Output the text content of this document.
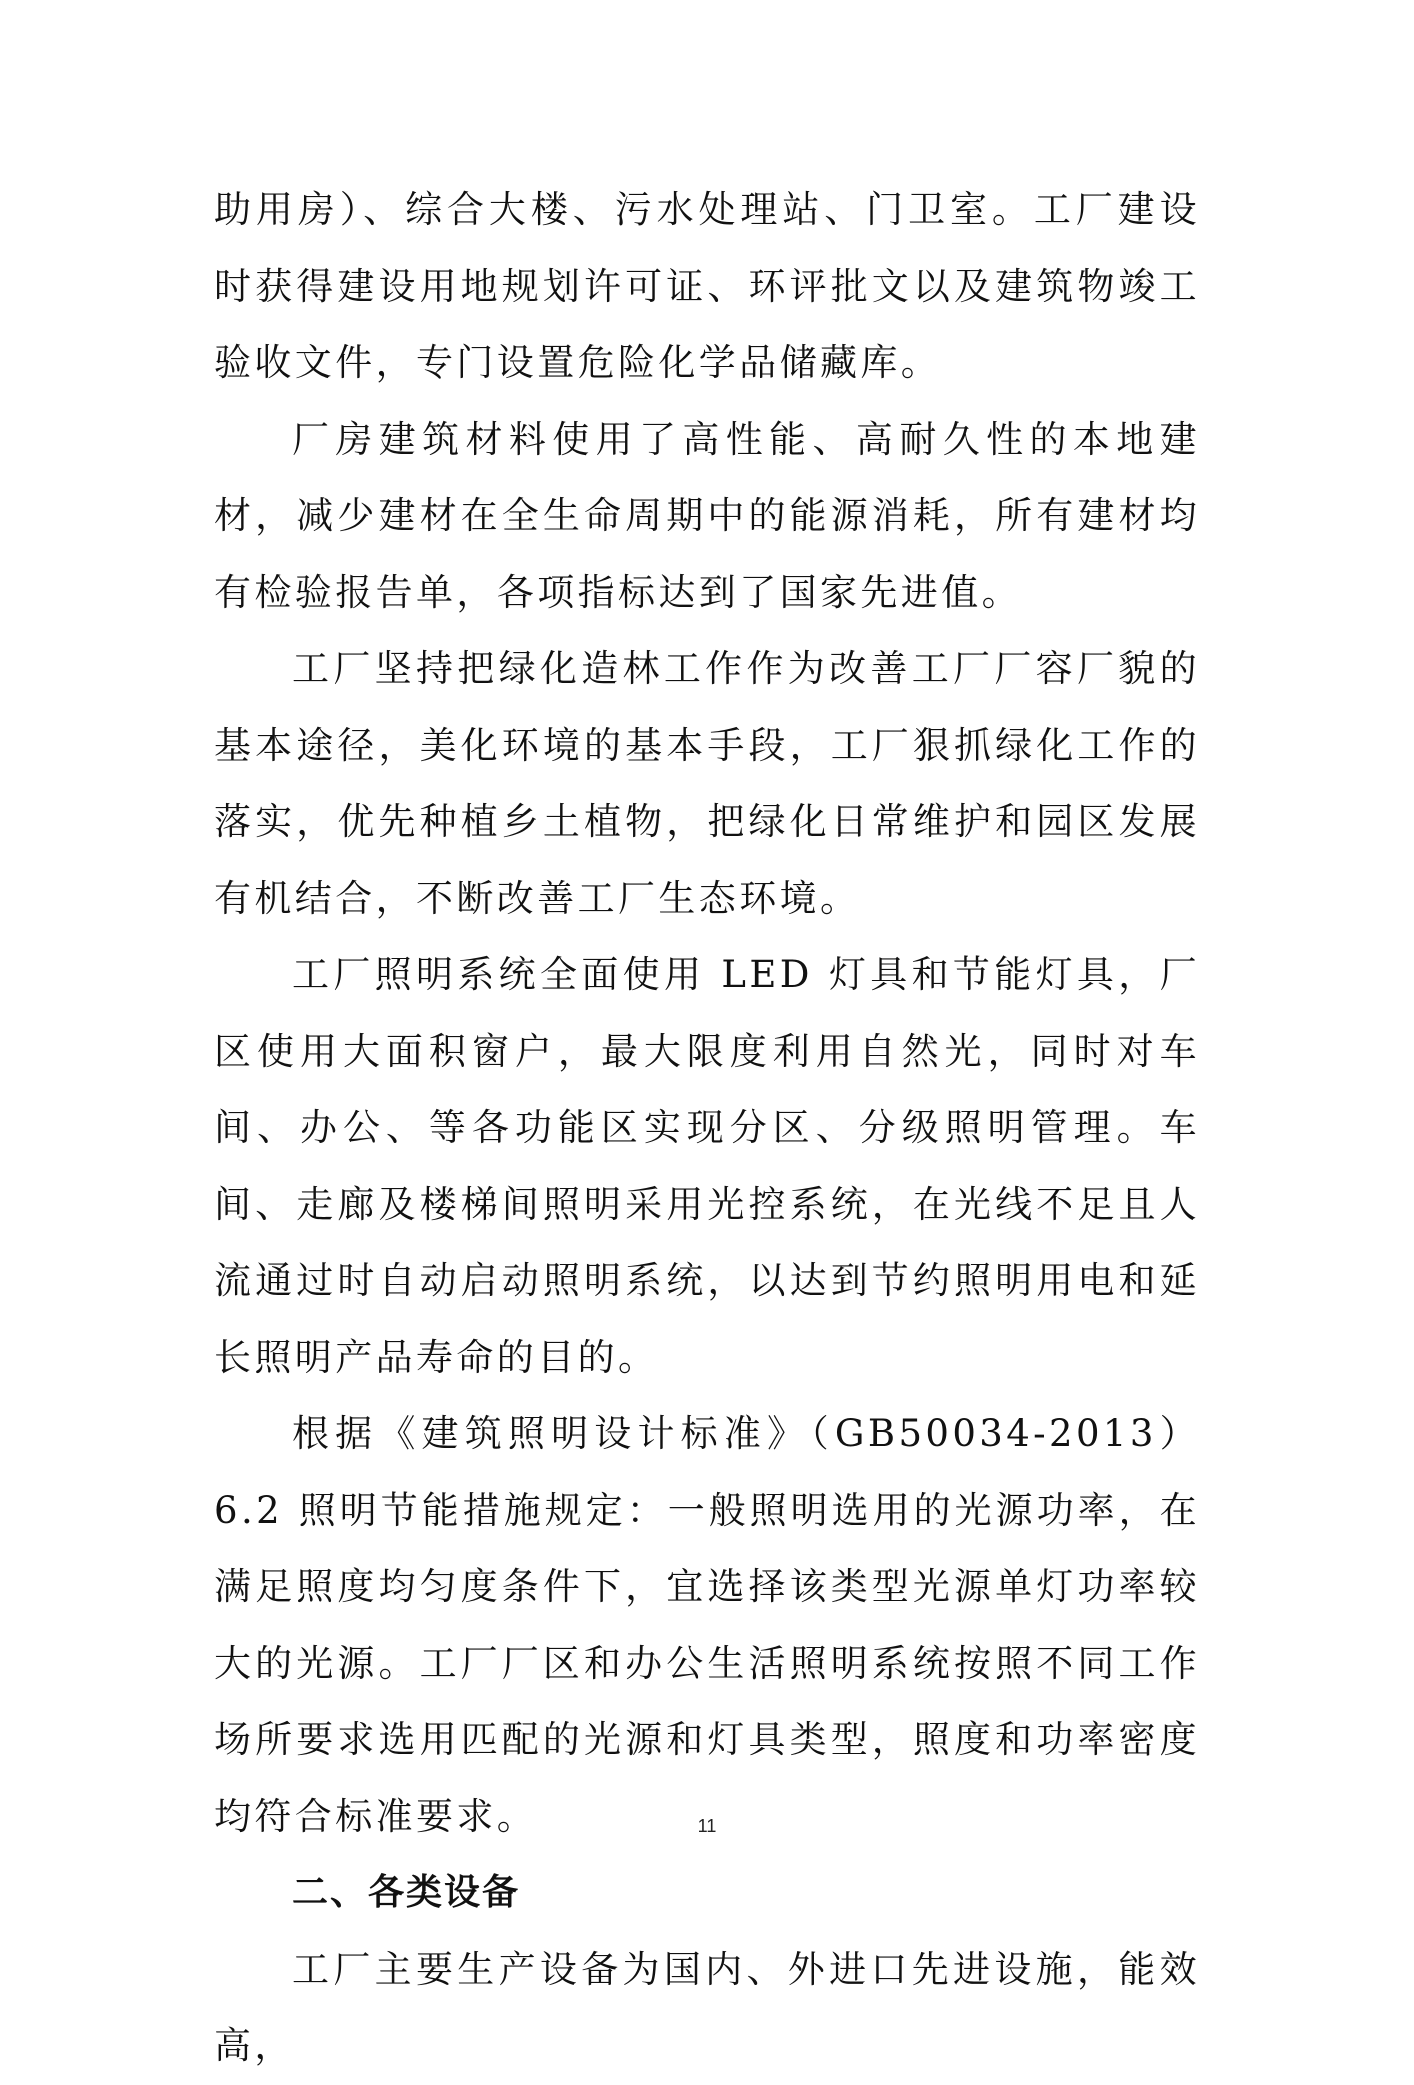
助用房）、综合大楼、污水处理站、门卫室。工厂建设时获得建设用地规划许可证、环评批文以及建筑物竣工验收文件，专门设置危险化学品储藏库。

厂房建筑材料使用了高性能、高耐久性的本地建材，减少建材在全生命周期中的能源消耗，所有建材均有检验报告单，各项指标达到了国家先进值。

工厂坚持把绿化造林工作作为改善工厂厂容厂貌的基本途径，美化环境的基本手段，工厂狠抓绿化工作的落实，优先种植乡土植物，把绿化日常维护和园区发展有机结合，不断改善工厂生态环境。

工厂照明系统全面使用 LED 灯具和节能灯具，厂区使用大面积窗户，最大限度利用自然光，同时对车间、办公、等各功能区实现分区、分级照明管理。车间、走廊及楼梯间照明采用光控系统，在光线不足且人流通过时自动启动照明系统，以达到节约照明用电和延长照明产品寿命的目的。

根据《建筑照明设计标准》（GB50034-2013）6.2 照明节能措施规定：一般照明选用的光源功率，在满足照度均匀度条件下，宜选择该类型光源单灯功率较大的光源。工厂厂区和办公生活照明系统按照不同工作场所要求选用匹配的光源和灯具类型，照度和功率密度均符合标准要求。

二、各类设备

工厂主要生产设备为国内、外进口先进设施，能效高，

11
